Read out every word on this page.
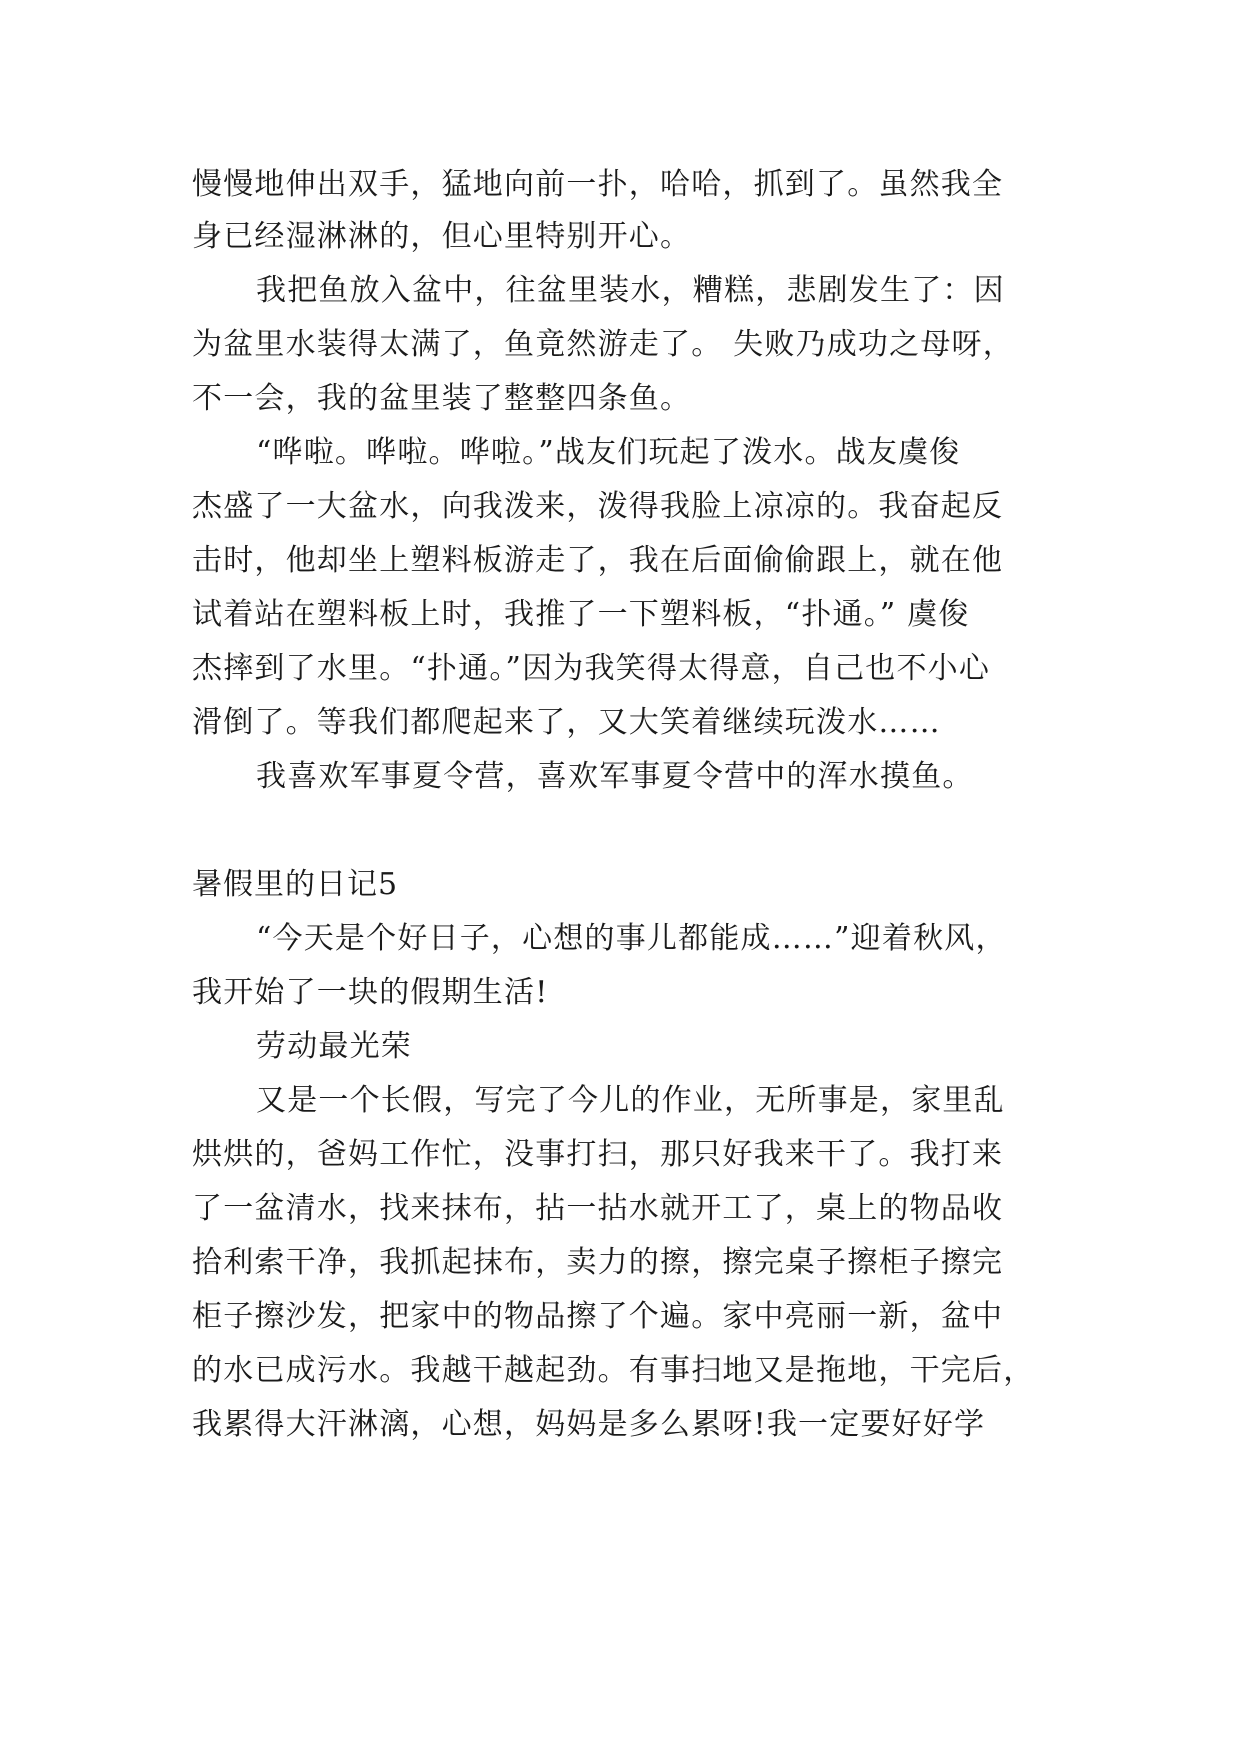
慢慢地伸出双手，猛地向前一扑，哈哈，抓到了。虽然我全
身已经湿淋淋的，但心里特别开心。
我把鱼放入盆中，往盆里装水，糟糕，悲剧发生了：因
为盆里水装得太满了，鱼竟然游走了。 失败乃成功之母呀，
不一会，我的盆里装了整整四条鱼。
“哗啦。哗啦。哗啦。”战友们玩起了泼水。战友虞俊
杰盛了一大盆水，向我泼来，泼得我脸上凉凉的。我奋起反
击时，他却坐上塑料板游走了，我在后面偷偷跟上，就在他
试着站在塑料板上时，我推了一下塑料板，“扑通。” 虞俊
杰摔到了水里。“扑通。”因为我笑得太得意，自己也不小心
滑倒了。等我们都爬起来了，又大笑着继续玩泼水……
我喜欢军事夏令营，喜欢军事夏令营中的浑水摸鱼。
暑假里的日记5
“今天是个好日子，心想的事儿都能成……”迎着秋风，
我开始了一块的假期生活!
劳动最光荣
又是一个长假，写完了今儿的作业，无所事是，家里乱
烘烘的，爸妈工作忙，没事打扫，那只好我来干了。我打来
了一盆清水，找来抹布，拈一拈水就开工了，桌上的物品收
拾利索干净，我抓起抹布，卖力的擦，擦完桌子擦柜子擦完
柜子擦沙发，把家中的物品擦了个遍。家中亮丽一新，盆中
的水已成污水。我越干越起劲。有事扫地又是拖地，干完后，
我累得大汗淋漓，心想，妈妈是多么累呀!我一定要好好学
